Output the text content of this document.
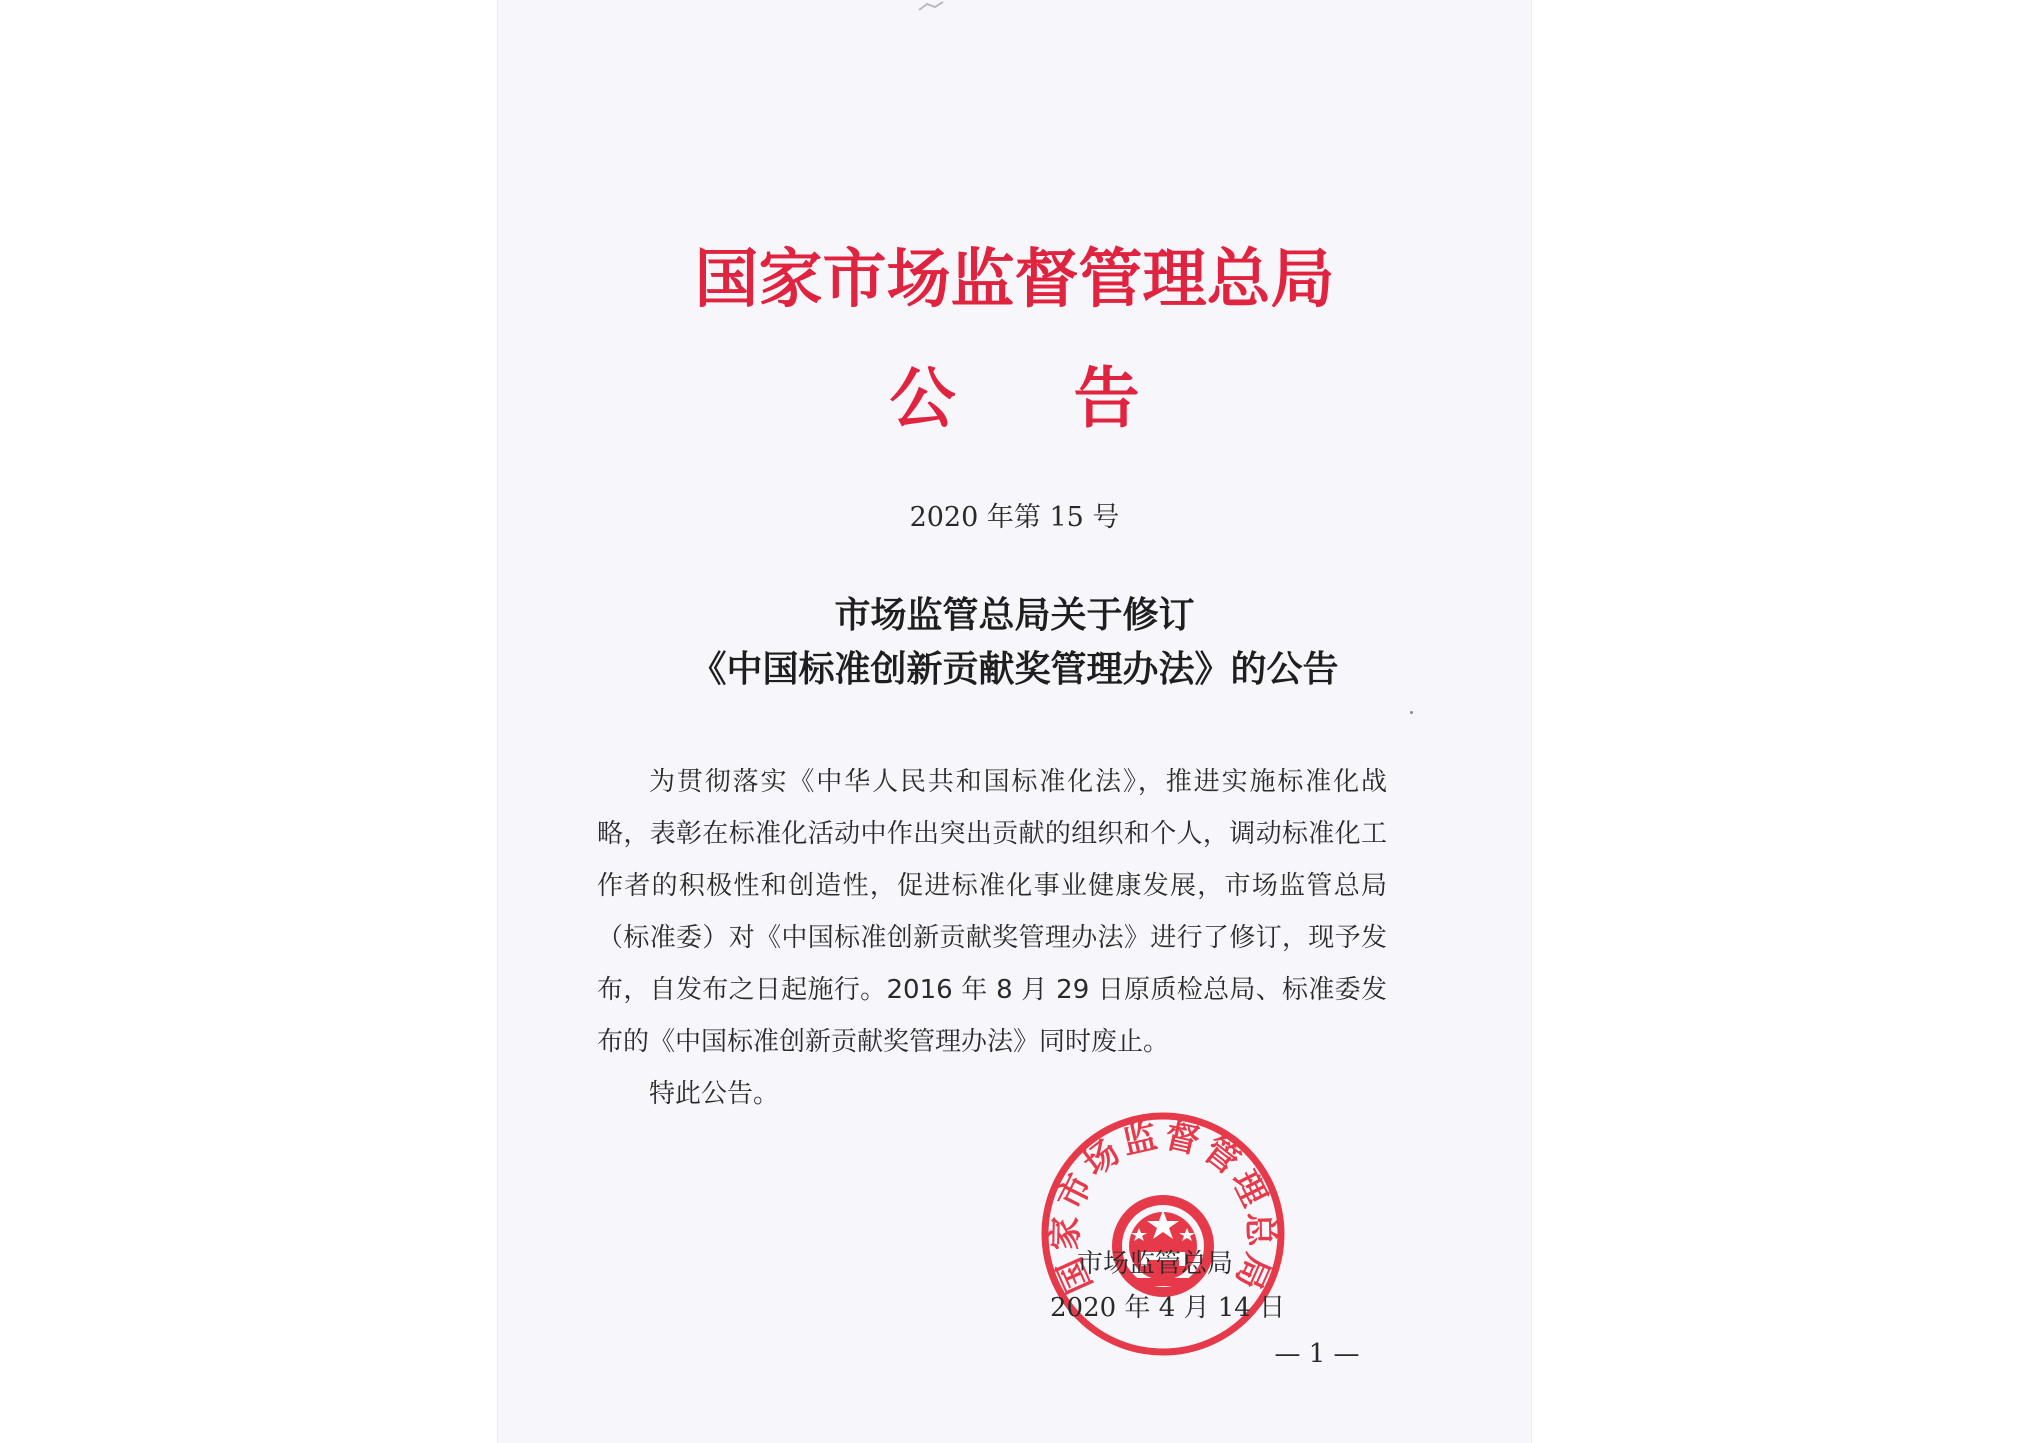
国家市场监督管理总局
公告
2020 年第 15 号
市场监管总局关于修订
《中国标准创新贡献奖管理办法》的公告

为贯彻落实《中华人民共和国标准化法》，推进实施标准化战略，表彰在标准化活动中作出突出贡献的组织和个人，调动标准化工作者的积极性和创造性，促进标准化事业健康发展，市场监管总局（标准委）对《中国标准创新贡献奖管理办法》进行了修订，现予发布，自发布之日起施行。2016 年 8 月 29 日原质检总局、标准委发布的《中国标准创新贡献奖管理办法》同时废止。

特此公告。

国家市场监督管理总局
市场监管总局
2020 年 4 月 14 日
— 1 —
